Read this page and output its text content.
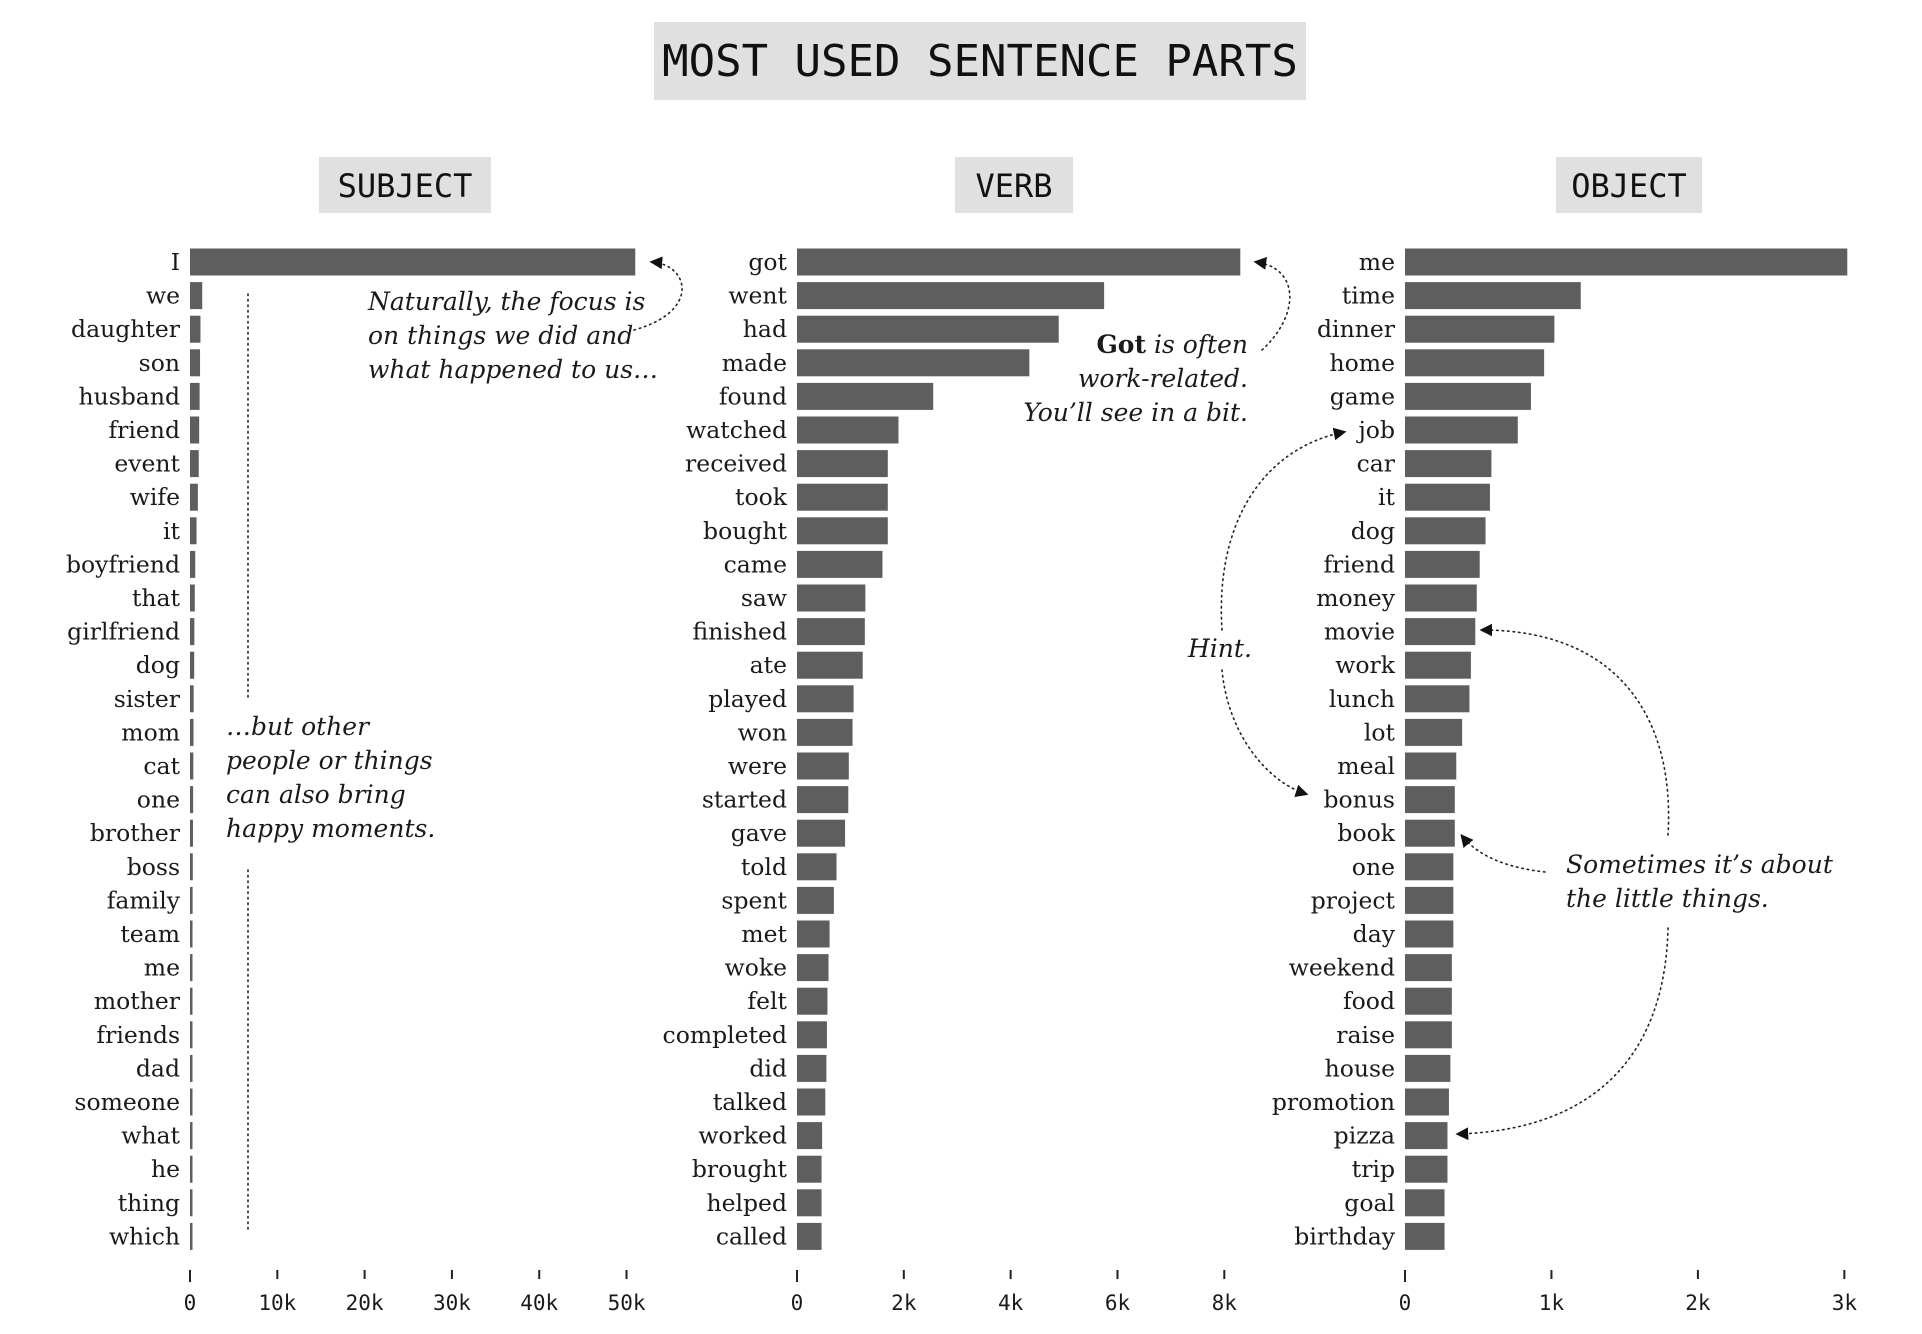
MOST USED SENTENCE PARTS
SUBJECT
I
we
daughter
son
husband
friend
event
wife
it
boyfriend
that
girlfriend
dog
sister
mom
cat
one
brother
boss
family
team
me
mother
friends
dad
someone
what
he
thing
which
0	10k 20k 30k 40k 50k
VERB
got
went
had
made
found
watched
received
took
bought
came
saw
finished
ate
played
won
were
started
gave
told
spent
met
woke
felt
completed
did
talked
worked
brought
helped
called
0	2k	4k	6k	8k
OBJECT
me
time
dinner
home
game
job
car
it
dog
friend
money
movie
work
lunch
lot
meal
bonus
book
one
project
day
weekend
food
raise
house
promotion
pizza
trip
goal
birthday
0	1k	2k	3k
Naturally, the focus is
on things we did and
what happened to us…
…but other
people or things
can also bring
happy moments.
Got is often
work-related.
You’ll see in a bit.
Hint.
Sometimes it’s about
the little things.
